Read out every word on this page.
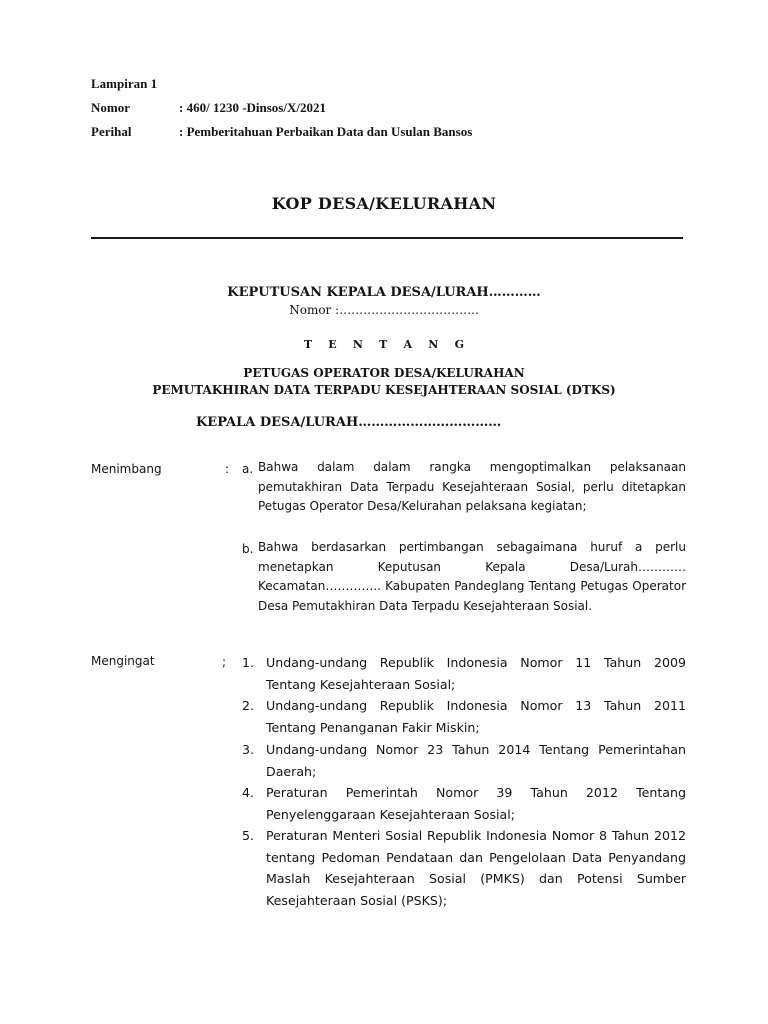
Lampiran 1
Nomor	: 460/ 1230 -Dinsos/X/2021
Perihal	: Pemberitahuan Perbaikan Data dan Usulan Bansos
KOP DESA/KELURAHAN
KEPUTUSAN KEPALA DESA/LURAH…………
Nomor :……………………………..
T E N T A N G
PETUGAS OPERATOR DESA/KELURAHAN
PEMUTAKHIRAN DATA TERPADU KESEJAHTERAAN SOSIAL (DTKS)
KEPALA DESA/LURAH……………………………
Menimbang	: a. Bahwa dalam dalam rangka mengoptimalkan pelaksanaan pemutakhiran Data Terpadu Kesejahteraan Sosial, perlu ditetapkan Petugas Operator Desa/Kelurahan pelaksana kegiatan;
b. Bahwa berdasarkan pertimbangan sebagaimana huruf a perlu menetapkan Keputusan Kepala Desa/Lurah………… Kecamatan………….. Kabupaten Pandeglang Tentang Petugas Operator Desa Pemutakhiran Data Terpadu Kesejahteraan Sosial.
Mengingat	; 1. Undang-undang Republik Indonesia Nomor 11 Tahun 2009 Tentang Kesejahteraan Sosial;
2. Undang-undang Republik Indonesia Nomor 13 Tahun 2011 Tentang Penanganan Fakir Miskin;
3. Undang-undang Nomor 23 Tahun 2014 Tentang Pemerintahan Daerah;
4. Peraturan Pemerintah Nomor 39 Tahun 2012 Tentang Penyelenggaraan Kesejahteraan Sosial;
5. Peraturan Menteri Sosial Republik Indonesia Nomor 8 Tahun 2012 tentang Pedoman Pendataan dan Pengelolaan Data Penyandang Maslah Kesejahteraan Sosial (PMKS) dan Potensi Sumber Kesejahteraan Sosial (PSKS);
